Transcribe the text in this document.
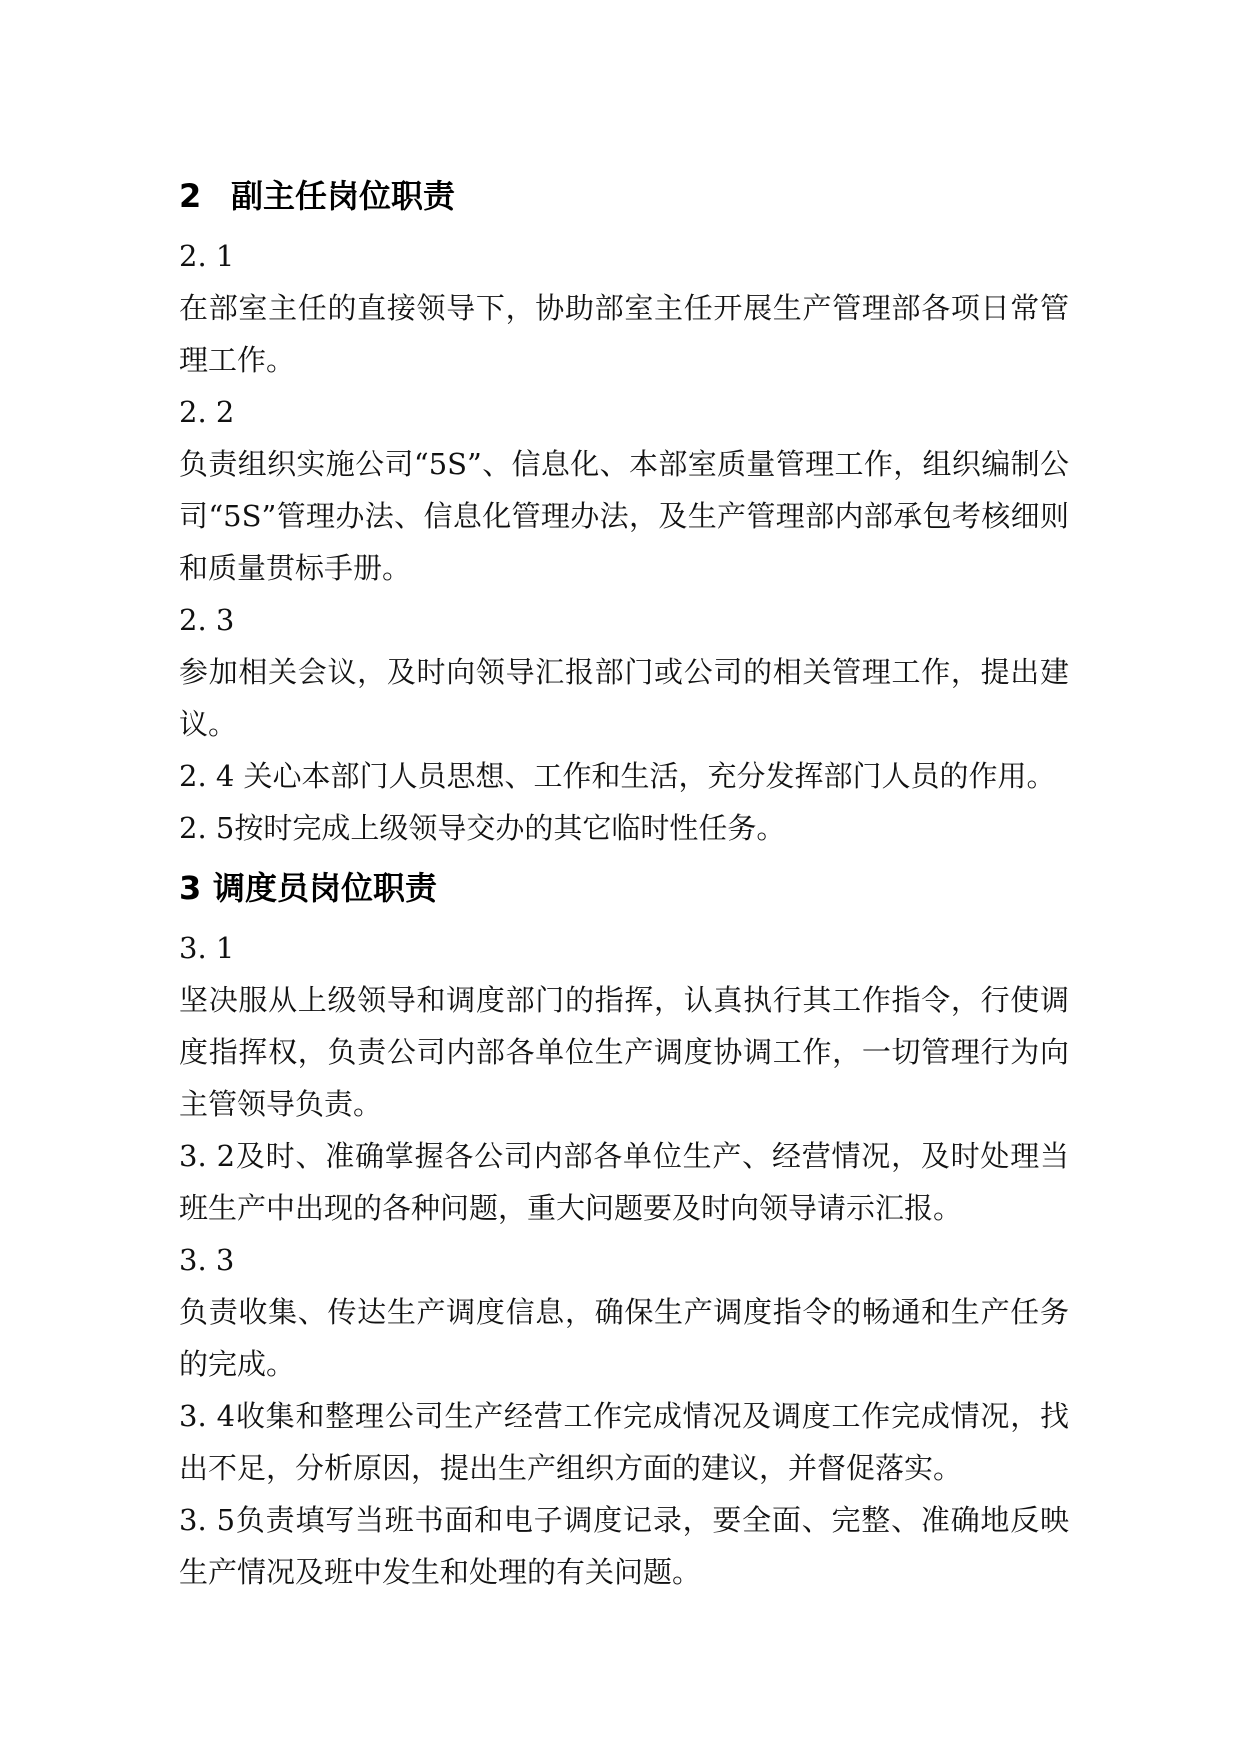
2 副主任岗位职责

2. 1

在部室主任的直接领导下，协助部室主任开展生产管理部各项日常管理工作。

2. 2

负责组织实施公司“5S”、信息化、本部室质量管理工作，组织编制公司“5S”管理办法、信息化管理办法，及生产管理部内部承包考核细则和质量贯标手册。

2. 3

参加相关会议，及时向领导汇报部门或公司的相关管理工作，提出建议。

2. 4 关心本部门人员思想、工作和生活，充分发挥部门人员的作用。

2. 5按时完成上级领导交办的其它临时性任务。

3 调度员岗位职责

3. 1

坚决服从上级领导和调度部门的指挥，认真执行其工作指令，行使调度指挥权，负责公司内部各单位生产调度协调工作，一切管理行为向主管领导负责。

3. 2及时、准确掌握各公司内部各单位生产、经营情况，及时处理当班生产中出现的各种问题，重大问题要及时向领导请示汇报。

3. 3

负责收集、传达生产调度信息，确保生产调度指令的畅通和生产任务的完成。

3. 4收集和整理公司生产经营工作完成情况及调度工作完成情况，找出不足，分析原因，提出生产组织方面的建议，并督促落实。

3. 5负责填写当班书面和电子调度记录，要全面、完整、准确地反映生产情况及班中发生和处理的有关问题。
